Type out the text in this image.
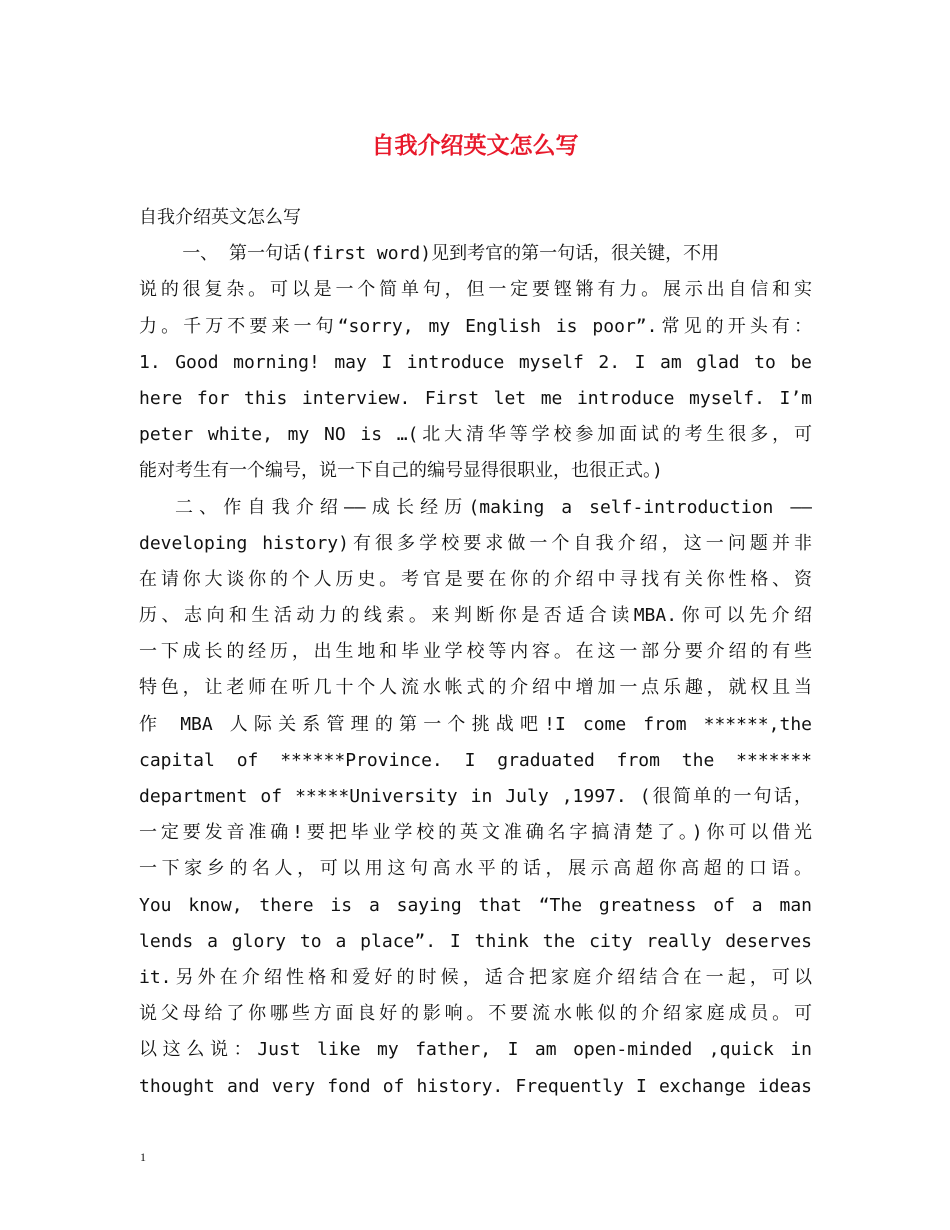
自我介绍英文怎么写
自我介绍英文怎么写
一、 第一句话(first word)见到考官的第一句话，很关键，不用
说的很复杂。可以是一个简单句，但一定要铿锵有力。展示出自信和实
力。千万不要来一句“sorry, my English is poor”.常见的开头有：
1. Good morning! may I introduce myself 2. I am glad to be
here for this interview. First let me introduce myself. I’m
peter white, my NO is …(北大清华等学校参加面试的考生很多，可
能对考生有一个编号，说一下自己的编号显得很职业，也很正式。)
二、作自我介绍——成长经历(making a self-introduction ——
developing history)有很多学校要求做一个自我介绍，这一问题并非
在请你大谈你的个人历史。考官是要在你的介绍中寻找有关你性格、资
历、志向和生活动力的线索。来判断你是否适合读MBA.你可以先介绍
一下成长的经历，出生地和毕业学校等内容。在这一部分要介绍的有些
特色，让老师在听几十个人流水帐式的介绍中增加一点乐趣，就权且当
作 MBA 人际关系管理的第一个挑战吧!I come from ******,the
capital of ******Province. I graduated from the *******
department of *****University in July ,1997. (很简单的一句话，
一定要发音准确!要把毕业学校的英文准确名字搞清楚了。)你可以借光
一下家乡的名人，可以用这句高水平的话，展示高超你高超的口语。
You know, there is a saying that “The greatness of a man
lends a glory to a place”. I think the city really deserves
it.另外在介绍性格和爱好的时候，适合把家庭介绍结合在一起，可以
说父母给了你哪些方面良好的影响。不要流水帐似的介绍家庭成员。可
以这么说：Just like my father, I am open-minded ,quick in
thought and very fond of history. Frequently I exchange ideas
1
